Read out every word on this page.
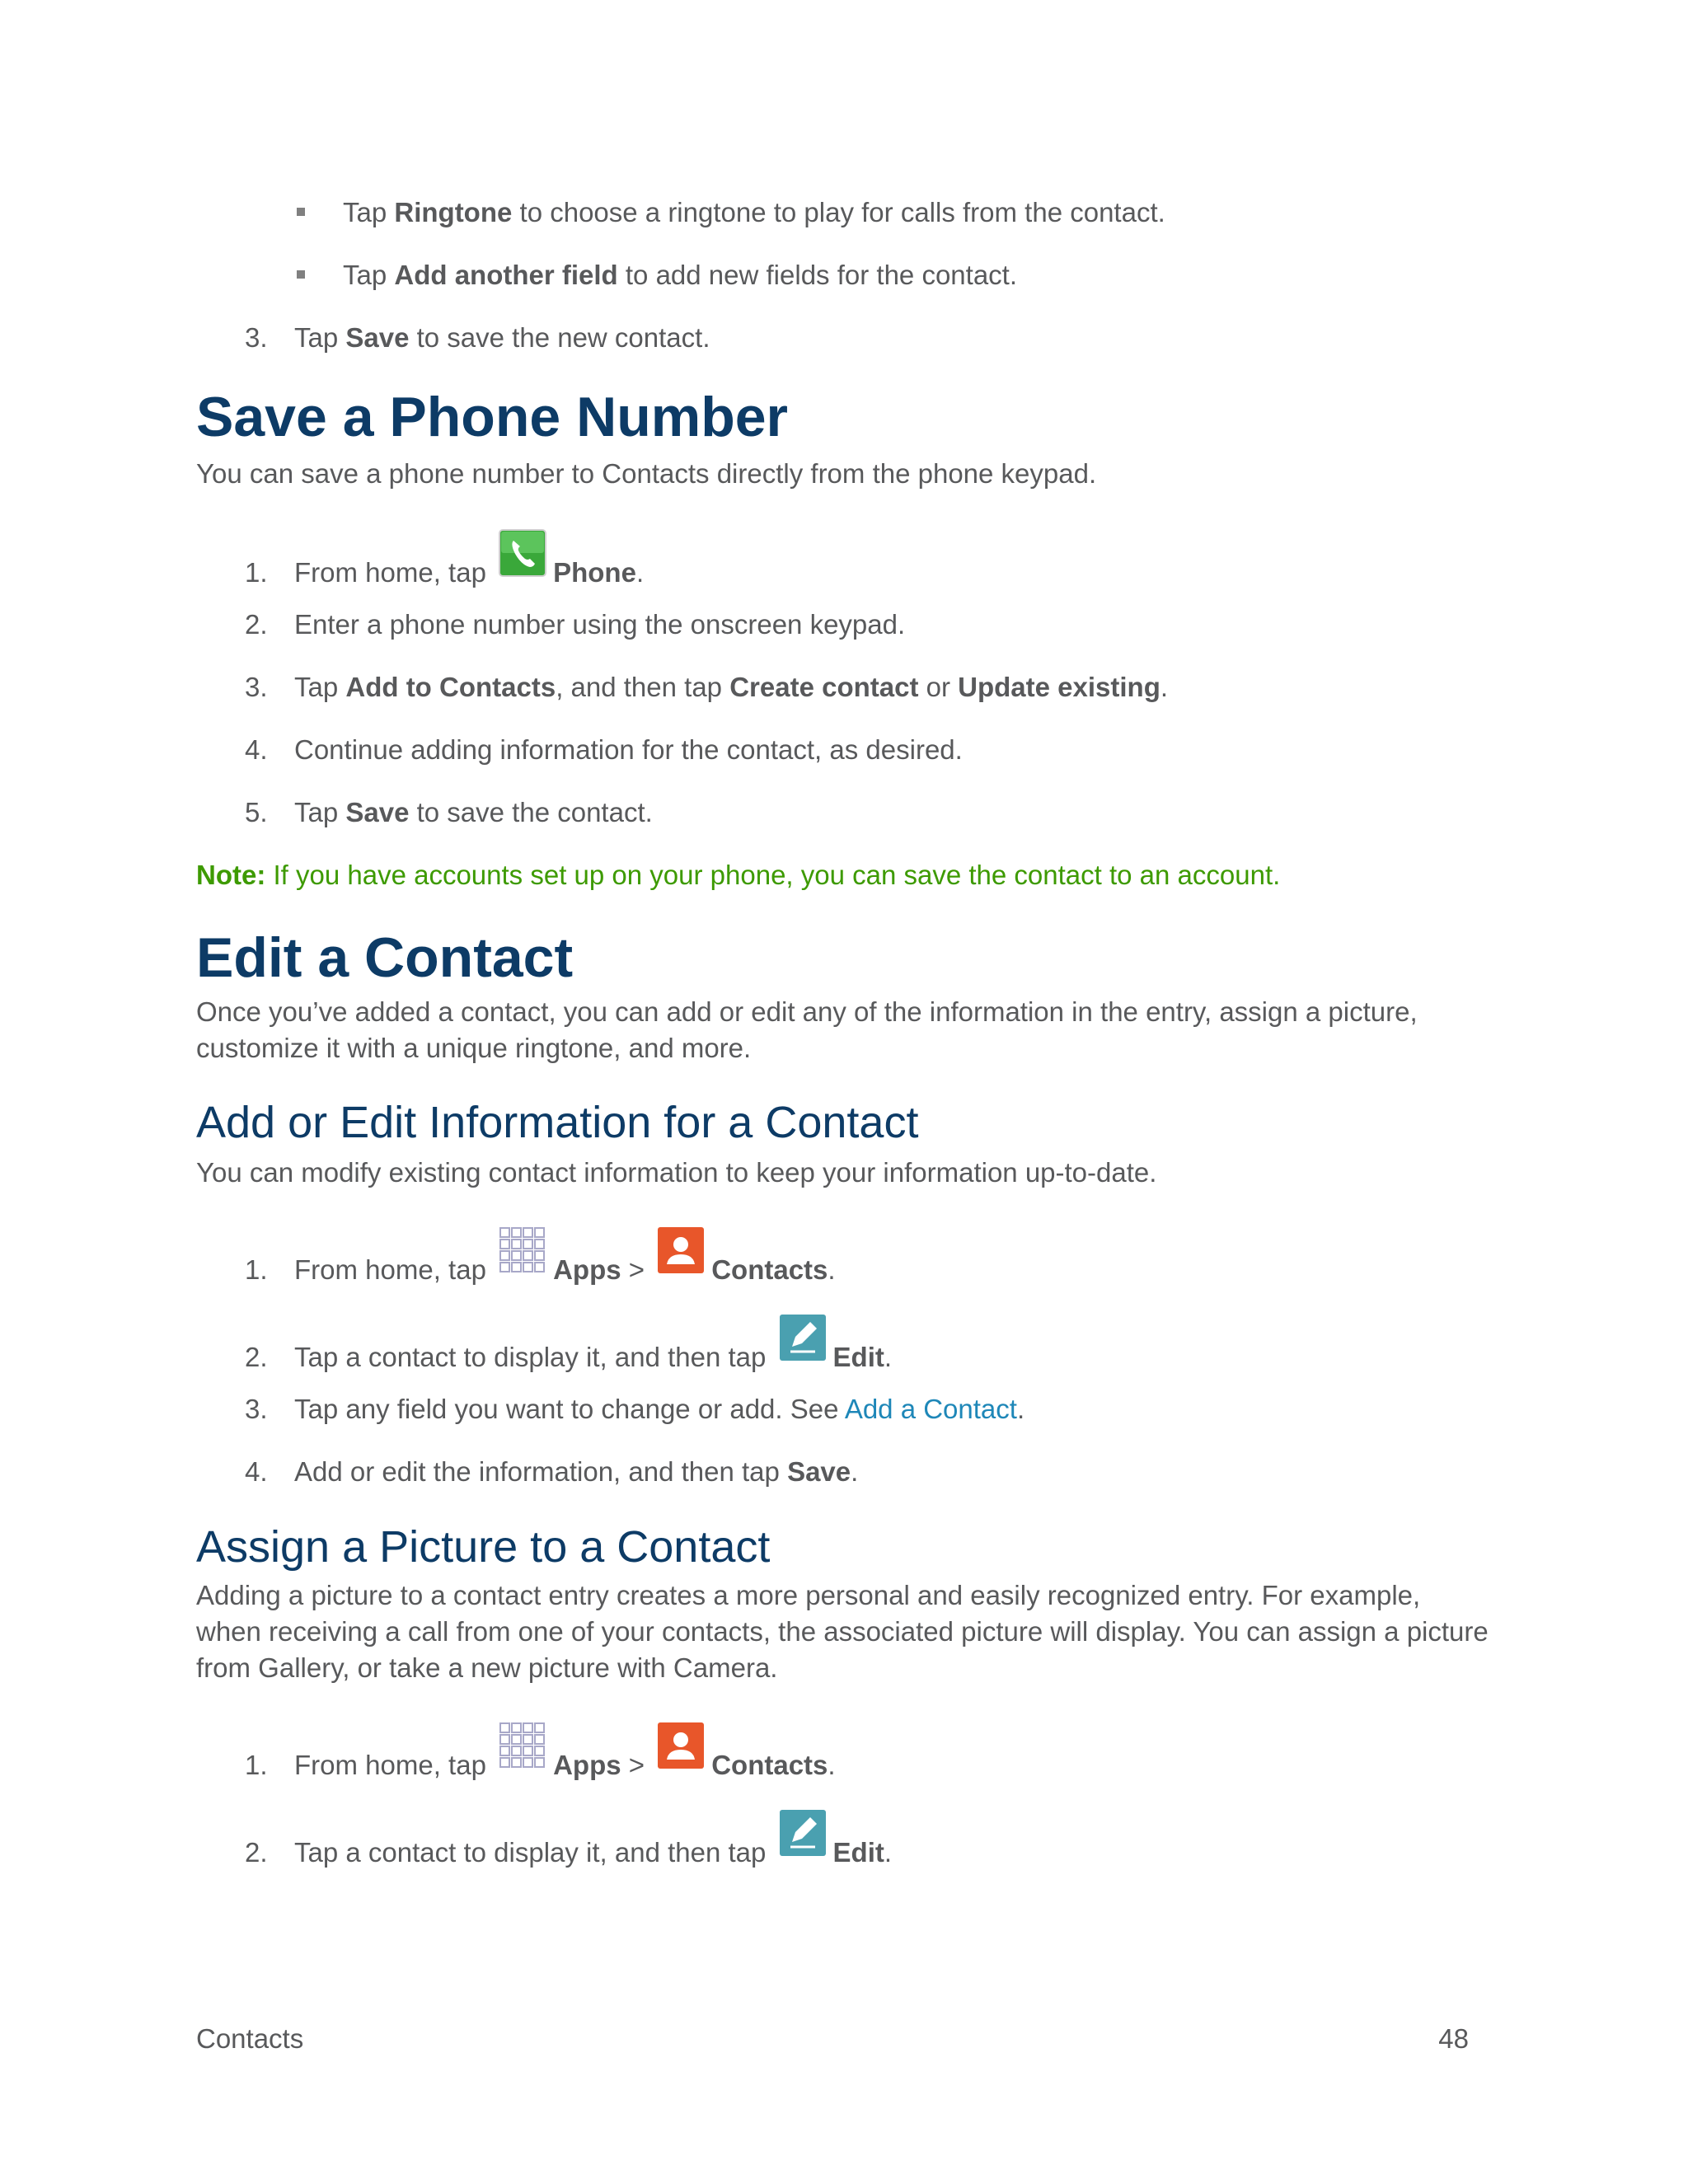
Tap Ringtone to choose a ringtone to play for calls from the contact.
Tap Add another field to add new fields for the contact.
3. Tap Save to save the new contact.
Save a Phone Number
You can save a phone number to Contacts directly from the phone keypad.
1. From home, tap Phone.
2. Enter a phone number using the onscreen keypad.
3. Tap Add to Contacts, and then tap Create contact or Update existing.
4. Continue adding information for the contact, as desired.
5. Tap Save to save the contact.
Note: If you have accounts set up on your phone, you can save the contact to an account.
Edit a Contact
Once you’ve added a contact, you can add or edit any of the information in the entry, assign a picture, customize it with a unique ringtone, and more.
Add or Edit Information for a Contact
You can modify existing contact information to keep your information up-to-date.
1. From home, tap Apps > Contacts.
2. Tap a contact to display it, and then tap Edit.
3. Tap any field you want to change or add. See Add a Contact.
4. Add or edit the information, and then tap Save.
Assign a Picture to a Contact
Adding a picture to a contact entry creates a more personal and easily recognized entry. For example, when receiving a call from one of your contacts, the associated picture will display. You can assign a picture from Gallery, or take a new picture with Camera.
1. From home, tap Apps > Contacts.
2. Tap a contact to display it, and then tap Edit.
Contacts	48
